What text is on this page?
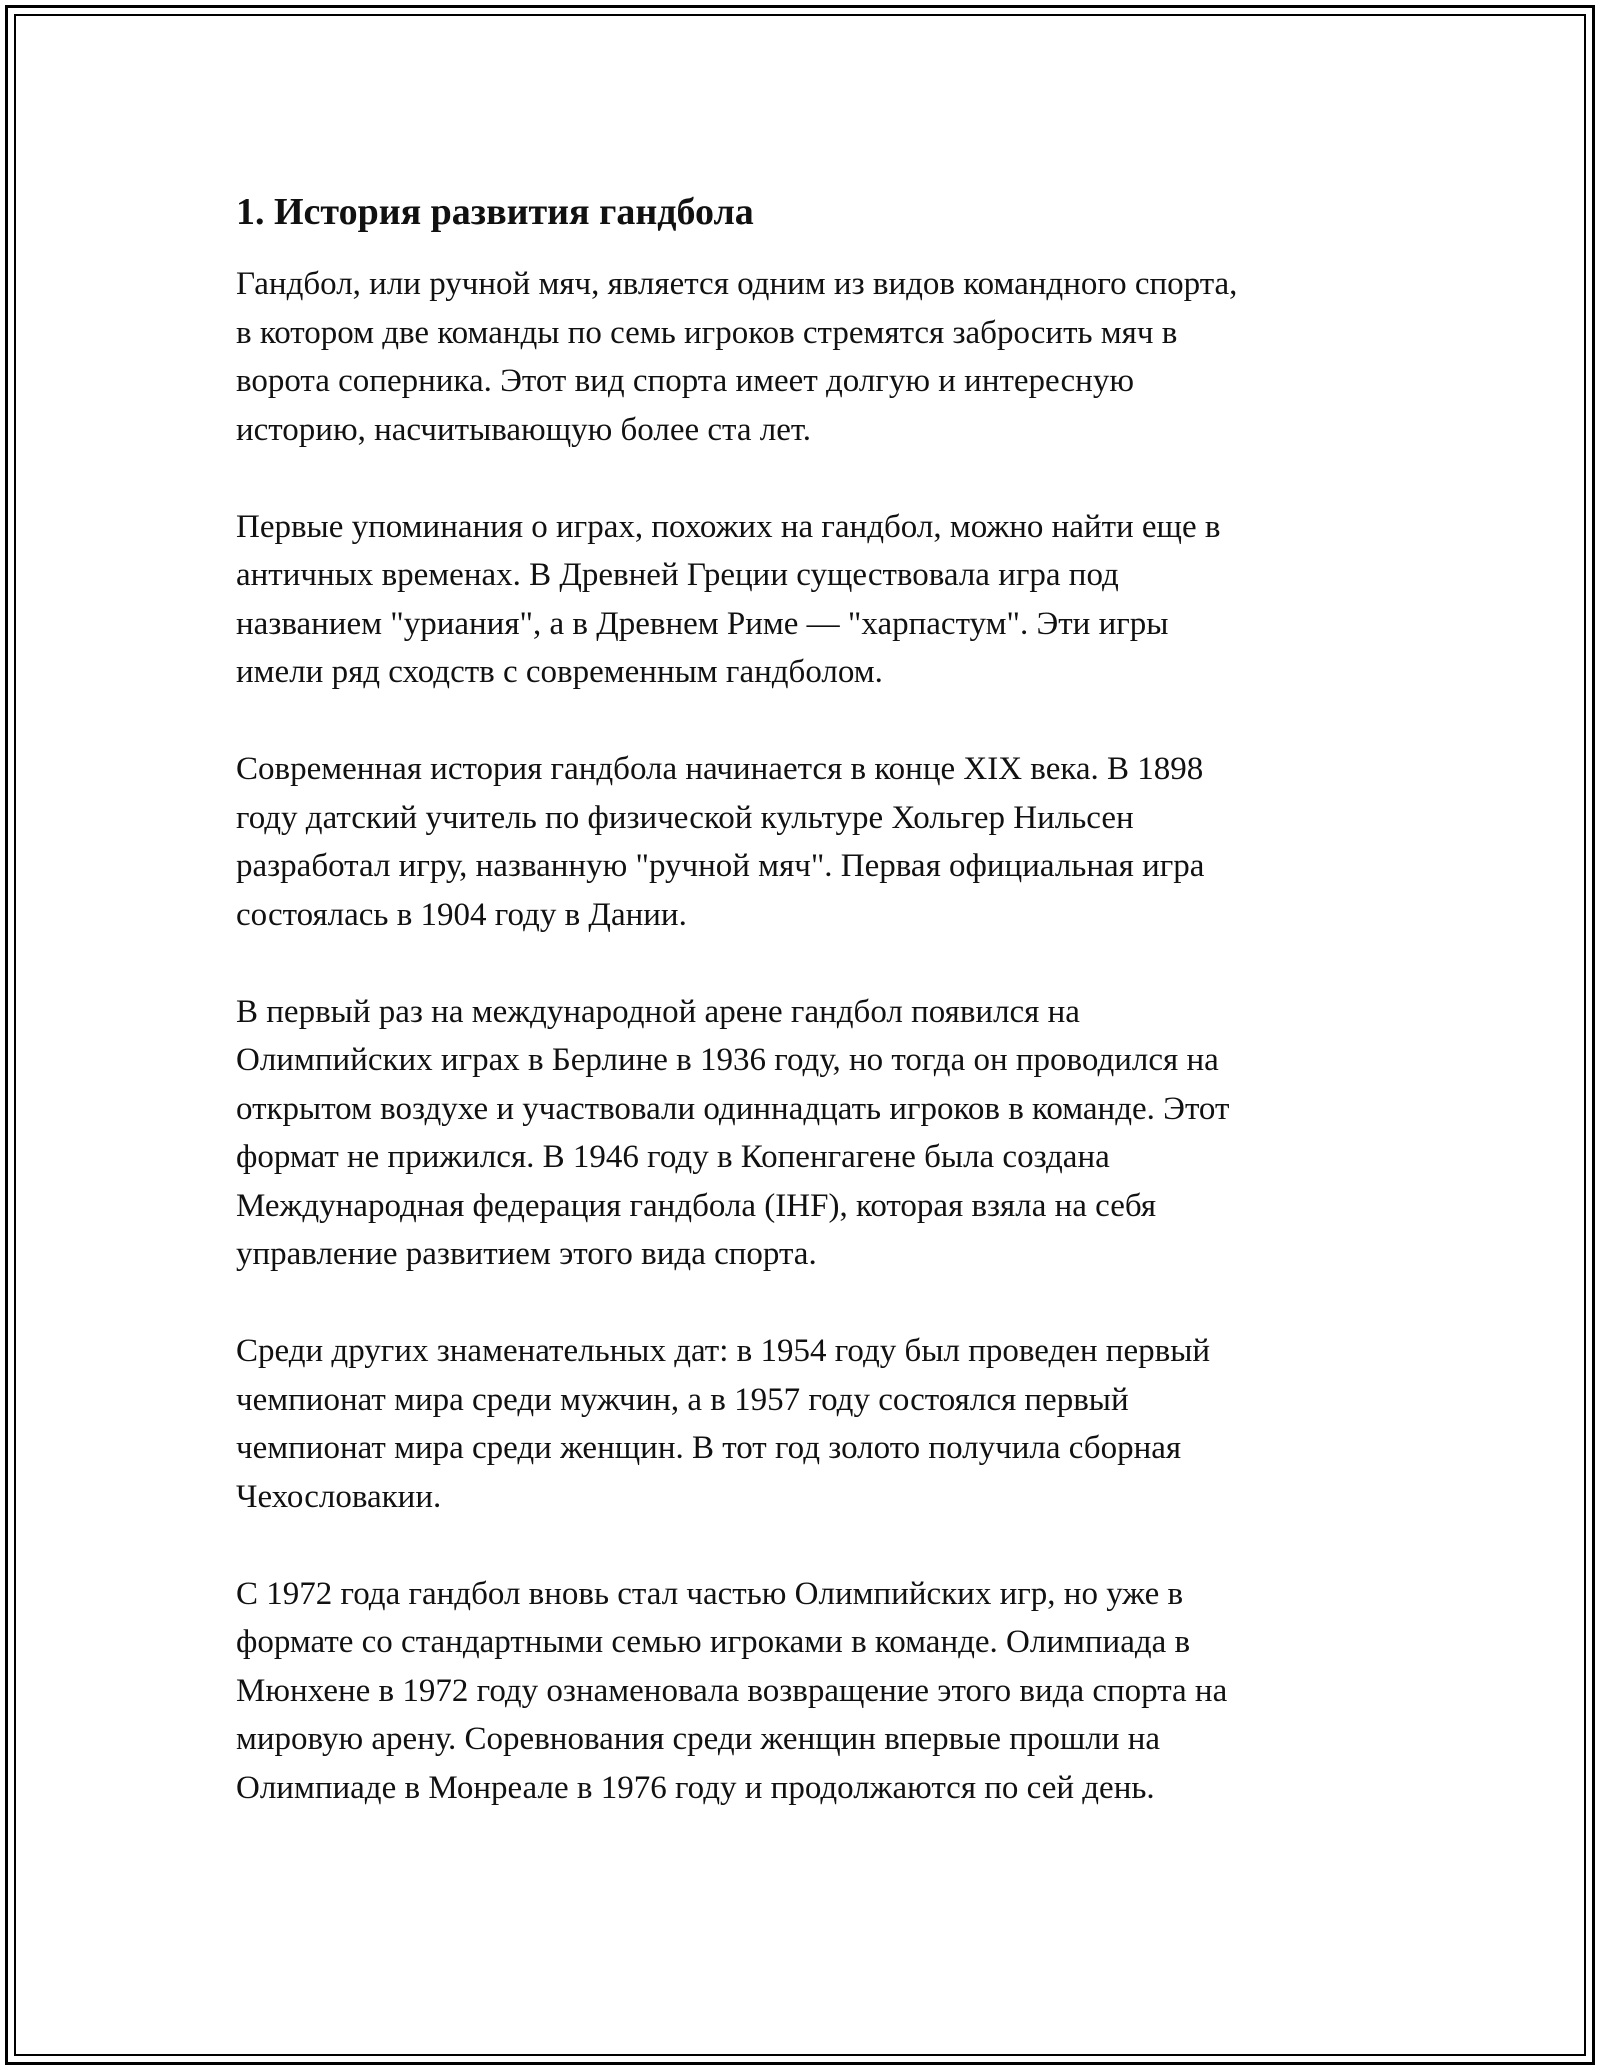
1. История развития гандбола

Гандбол, или ручной мяч, является одним из видов командного спорта,
в котором две команды по семь игроков стремятся забросить мяч в
ворота соперника. Этот вид спорта имеет долгую и интересную
историю, насчитывающую более ста лет.

Первые упоминания о играх, похожих на гандбол, можно найти еще в
античных временах. В Древней Греции существовала игра под
названием "уриания", а в Древнем Риме — "харпастум". Эти игры
имели ряд сходств с современным гандболом.

Современная история гандбола начинается в конце XIX века. В 1898
году датский учитель по физической культуре Хольгер Нильсен
разработал игру, названную "ручной мяч". Первая официальная игра
состоялась в 1904 году в Дании.

В первый раз на международной арене гандбол появился на
Олимпийских играх в Берлине в 1936 году, но тогда он проводился на
открытом воздухе и участвовали одиннадцать игроков в команде. Этот
формат не прижился. В 1946 году в Копенгагене была создана
Международная федерация гандбола (IHF), которая взяла на себя
управление развитием этого вида спорта.

Среди других знаменательных дат: в 1954 году был проведен первый
чемпионат мира среди мужчин, а в 1957 году состоялся первый
чемпионат мира среди женщин. В тот год золото получила сборная
Чехословакии.

С 1972 года гандбол вновь стал частью Олимпийских игр, но уже в
формате со стандартными семью игроками в команде. Олимпиада в
Мюнхене в 1972 году ознаменовала возвращение этого вида спорта на
мировую арену. Соревнования среди женщин впервые прошли на
Олимпиаде в Монреале в 1976 году и продолжаются по сей день.
